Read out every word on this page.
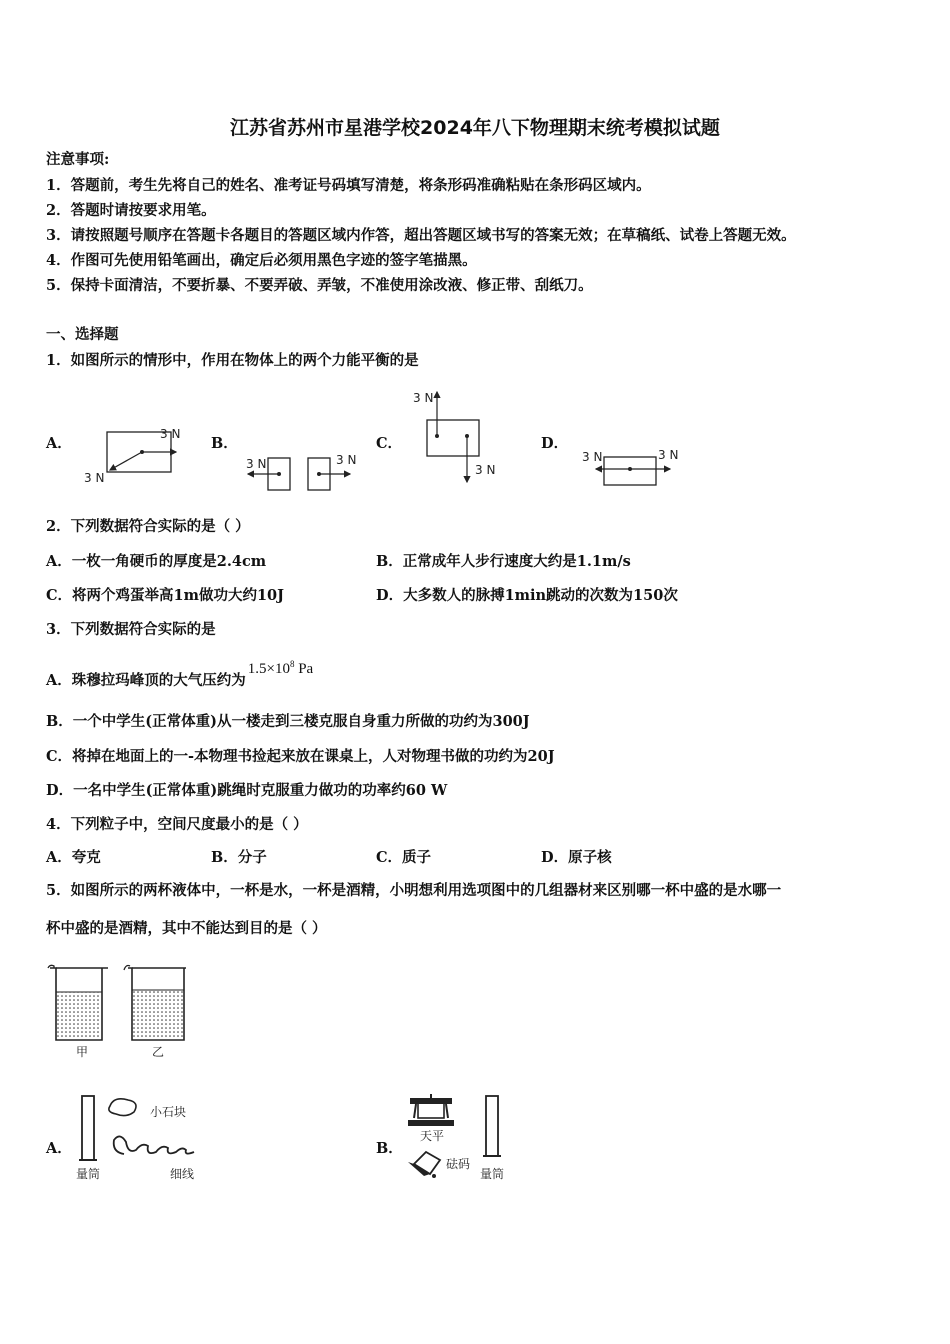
江苏省苏州市星港学校2024年八下物理期末统考模拟试题
注意事项:
1．答题前，考生先将自己的姓名、准考证号码填写清楚，将条形码准确粘贴在条形码区域内。
2．答题时请按要求用笔。
3．请按照题号顺序在答题卡各题目的答题区域内作答，超出答题区域书写的答案无效；在草稿纸、试卷上答题无效。
4．作图可先使用铅笔画出，确定后必须用黑色字迹的签字笔描黑。
5．保持卡面清洁，不要折暴、不要弄破、弄皱，不准使用涂改液、修正带、刮纸刀。
一、选择题
1．如图所示的情形中，作用在物体上的两个力能平衡的是
A．	B．	C．	D．
3 N
3 N
3 N	3 N
3 N
3 N
3 N	3 N
2．下列数据符合实际的是（ ）
A．一枚一角硬币的厚度是2.4cm	B．正常成年人步行速度大约是1.1m/s
C．将两个鸡蛋举高1m做功大约10J	D．大多数人的脉搏1min跳动的次数为150次
3．下列数据符合实际的是
A．珠穆拉玛峰顶的大气压约为$1.5\times 10^8$ Pa
B．一个中学生(正常体重)从一楼走到三楼克服自身重力所做的功约为300J
C．将掉在地面上的一-本物理书捡起来放在课桌上，人对物理书做的功约为20J
D．一名中学生(正常体重)跳绳时克服重力做功的功率约60 W
4．下列粒子中，空间尺度最小的是（ ）
A．夸克	B．分子	C．质子	D．原子核
5．如图所示的两杯液体中，一杯是水，一杯是酒精，小明想利用选项图中的几组器材来区别哪一杯中盛的是水哪一
杯中盛的是酒精，其中不能达到目的是（ ）
甲	乙
A．
小石块
量筒	细线
B．
天平
砝码
量筒
